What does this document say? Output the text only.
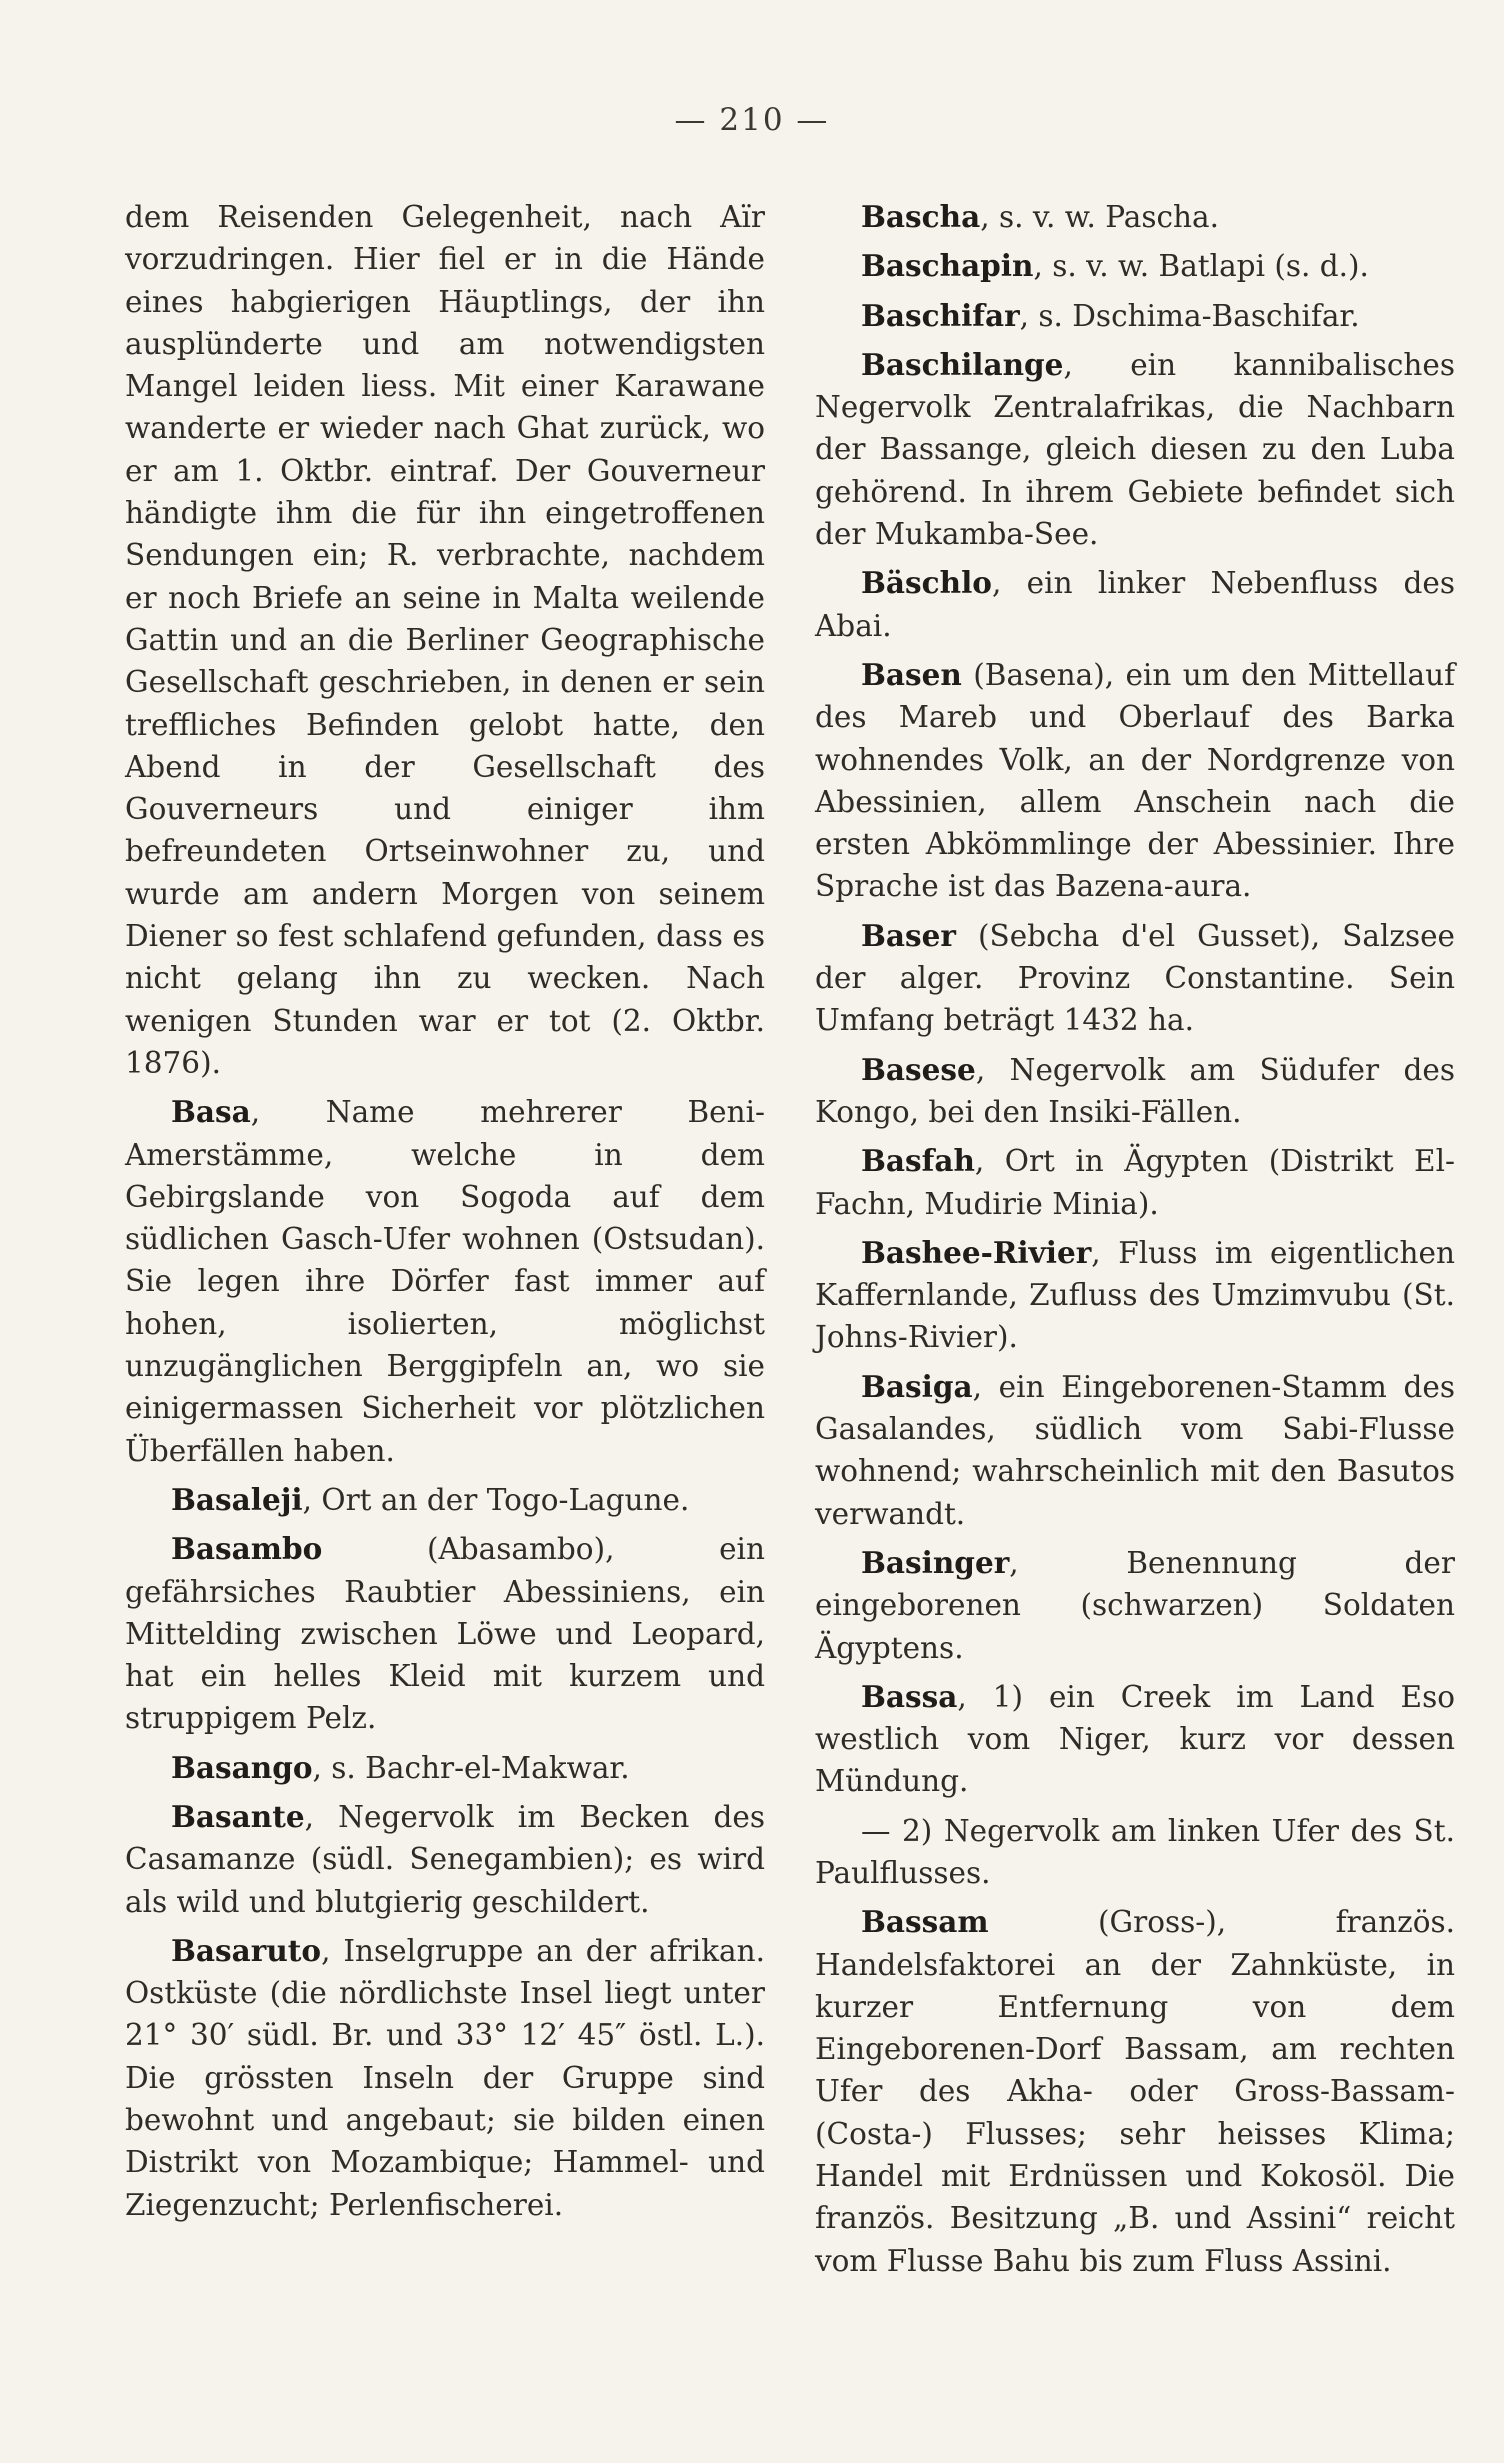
— 210 —

dem Reisenden Gelegenheit, nach Aïr vorzudringen. Hier fiel er in die Hände eines habgierigen Häuptlings, der ihn ausplünderte und am notwendigsten Mangel leiden liess. Mit einer Karawane wanderte er wieder nach Ghat zurück, wo er am 1. Oktbr. eintraf. Der Gouverneur händigte ihm die für ihn eingetroffenen Sendungen ein; R. verbrachte, nachdem er noch Briefe an seine in Malta weilende Gattin und an die Berliner Geographische Gesellschaft geschrieben, in denen er sein treffliches Befinden gelobt hatte, den Abend in der Gesellschaft des Gouverneurs und einiger ihm befreundeten Ortseinwohner zu, und wurde am andern Morgen von seinem Diener so fest schlafend gefunden, dass es nicht gelang ihn zu wecken. Nach wenigen Stunden war er tot (2. Oktbr. 1876).

Basa, Name mehrerer Beni-Amerstämme, welche in dem Gebirgslande von Sogoda auf dem südlichen Gasch-Ufer wohnen (Ostsudan). Sie legen ihre Dörfer fast immer auf hohen, isolierten, möglichst unzugänglichen Berggipfeln an, wo sie einigermassen Sicherheit vor plötzlichen Überfällen haben.

Basaleji, Ort an der Togo-Lagune.

Basambo (Abasambo), ein gefährsiches Raubtier Abessiniens, ein Mittelding zwischen Löwe und Leopard, hat ein helles Kleid mit kurzem und struppigem Pelz.

Basango, s. Bachr-el-Makwar.

Basante, Negervolk im Becken des Casamanze (südl. Senegambien); es wird als wild und blutgierig geschildert.

Basaruto, Inselgruppe an der afrikan. Ostküste (die nördlichste Insel liegt unter 21° 30′ südl. Br. und 33° 12′ 45″ östl. L.). Die grössten Inseln der Gruppe sind bewohnt und angebaut; sie bilden einen Distrikt von Mozambique; Hammel- und Ziegenzucht; Perlenfischerei.

Bascha, s. v. w. Pascha.

Baschapin, s. v. w. Batlapi (s. d.).

Baschifar, s. Dschima-Baschifar.

Baschilange, ein kannibalisches Negervolk Zentralafrikas, die Nachbarn der Bassange, gleich diesen zu den Luba gehörend. In ihrem Gebiete befindet sich der Mukamba-See.

Bäschlo, ein linker Nebenfluss des Abai.

Basen (Basena), ein um den Mittellauf des Mareb und Oberlauf des Barka wohnendes Volk, an der Nordgrenze von Abessinien, allem Anschein nach die ersten Abkömmlinge der Abessinier. Ihre Sprache ist das Bazena-aura.

Baser (Sebcha d'el Gusset), Salzsee der alger. Provinz Constantine. Sein Umfang beträgt 1432 ha.

Basese, Negervolk am Südufer des Kongo, bei den Insiki-Fällen.

Basfah, Ort in Ägypten (Distrikt El-Fachn, Mudirie Minia).

Bashee-Rivier, Fluss im eigentlichen Kaffernlande, Zufluss des Umzimvubu (St. Johns-Rivier).

Basiga, ein Eingeborenen-Stamm des Gasalandes, südlich vom Sabi-Flusse wohnend; wahrscheinlich mit den Basutos verwandt.

Basinger, Benennung der eingeborenen (schwarzen) Soldaten Ägyptens.

Bassa, 1) ein Creek im Land Eso westlich vom Niger, kurz vor dessen Mündung.

— 2) Negervolk am linken Ufer des St. Paulflusses.

Bassam (Gross-), französ. Handelsfaktorei an der Zahnküste, in kurzer Entfernung von dem Eingeborenen-Dorf Bassam, am rechten Ufer des Akha- oder Gross-Bassam- (Costa-) Flusses; sehr heisses Klima; Handel mit Erdnüssen und Kokosöl. Die französ. Besitzung „B. und Assini“ reicht vom Flusse Bahu bis zum Fluss Assini.
